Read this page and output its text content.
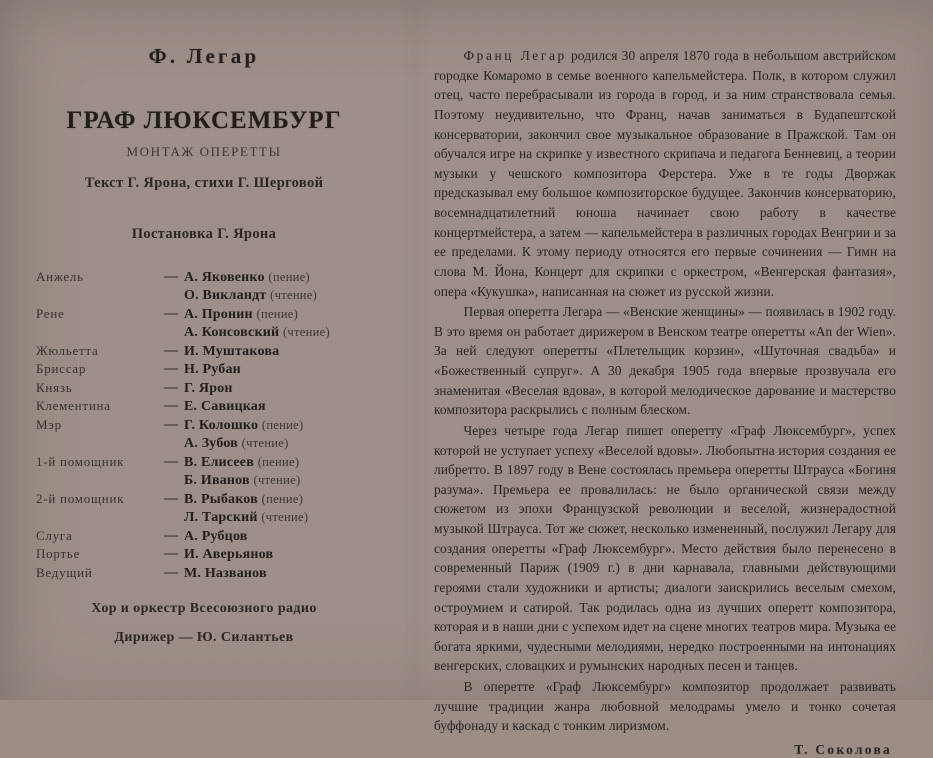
Ф. Легар
ГРАФ ЛЮКСЕМБУРГ
МОНТАЖ ОПЕРЕТТЫ
Текст Г. Ярона, стихи Г. Шерговой
Постановка Г. Ярона
Анжель	—	А. Яковенко (пение)
О. Викландт (чтение)

Рене	—	А. Пронин (пение)
А. Консовский (чтение)

Жюльетта	—	И. Муштакова

Бриссар	—	Н. Рубан

Князь	—	Г. Ярон

Клементина	—	Е. Савицкая

Мэр	—	Г. Колошко (пение)
А. Зубов (чтение)

1-й помощник	—	В. Елисеев (пение)
Б. Иванов (чтение)

2-й помощник	—	В. Рыбаков (пение)
Л. Тарский (чтение)

Слуга	—	А. Рубцов

Портье	—	И. Аверьянов

Ведущий	—	М. Названов
Хор и оркестр Всесоюзного радио
Дирижер — Ю. Силантьев

Франц Легар родился 30 апреля 1870 года в небольшом австрийском городке Комаромо в семье военного капельмейстера. Полк, в котором служил отец, часто перебрасывали из города в город, и за ним странствовала семья. Поэтому неудивительно, что Франц, начав заниматься в Будапештской консерватории, закончил свое музыкальное образование в Пражской. Там он обучался игре на скрипке у известного скрипача и педагога Бенневиц, а теории музыки у чешского композитора Ферстера. Уже в те годы Дворжак предсказывал ему большое композиторское будущее. Закончив консерваторию, восемнадцатилетний юноша начинает свою работу в качестве концертмейстера, а затем — капельмейстера в различных городах Венгрии и за ее пределами. К этому периоду относятся его первые сочинения — Гимн на слова М. Йона, Концерт для скрипки с оркестром, «Венгерская фантазия», опера «Кукушка», написанная на сюжет из русской жизни.

Первая оперетта Легара — «Венские женщины» — появилась в 1902 году. В это время он работает дирижером в Венском театре оперетты «An der Wien». За ней следуют оперетты «Плетельщик корзин», «Шуточная свадьба» и «Божественный супруг». А 30 декабря 1905 года впервые прозвучала его знаменитая «Веселая вдова», в которой мелодическое дарование и мастерство композитора раскрылись с полным блеском.

Через четыре года Легар пишет оперетту «Граф Люксембург», успех которой не уступает успеху «Веселой вдовы». Любопытна история создания ее либретто. В 1897 году в Вене состоялась премьера оперетты Штрауса «Богиня разума». Премьера ее провалилась: не было органической связи между сюжетом из эпохи Французской революции и веселой, жизнерадостной музыкой Штрауса. Тот же сюжет, несколько измененный, послужил Легару для создания оперетты «Граф Люксембург». Место действия было перенесено в современный Париж (1909 г.) в дни карнавала, главными действующими героями стали художники и артисты; диалоги заискрились веселым смехом, остроумием и сатирой. Так родилась одна из лучших оперетт композитора, которая и в наши дни с успехом идет на сцене многих театров мира. Музыка ее богата яркими, чудесными мелодиями, нередко построенными на интонациях венгерских, словацких и румынских народных песен и танцев.

В оперетте «Граф Люксембург» композитор продолжает развивать лучшие традиции жанра любовной мелодрамы умело и тонко сочетая буффонаду и каскад с тонким лиризмом.

Т. Соколова
